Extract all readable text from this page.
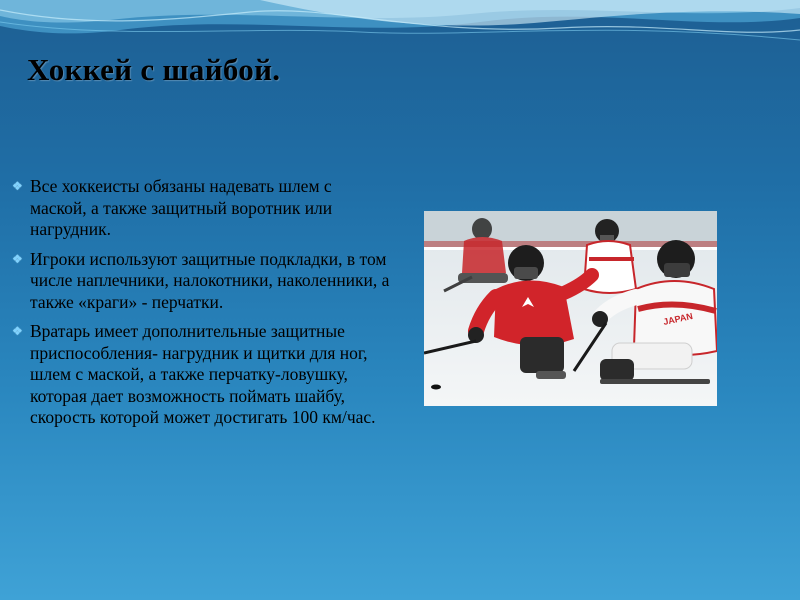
Хоккей с шайбой.
❖ Все хоккеисты обязаны надевать шлем с маской, а также защитный воротник или нагрудник.
❖ Игроки используют защитные подкладки, в том числе наплечники, налокотники, наколенники, а также «краги» - перчатки.
❖ Вратарь имеет дополнительные защитные приспособления- нагрудник и щитки для ног, шлем с маской, а также перчатку-ловушку, которая дает возможность поймать шайбу, скорость которой может достигать 100 км/час.
JAPAN
